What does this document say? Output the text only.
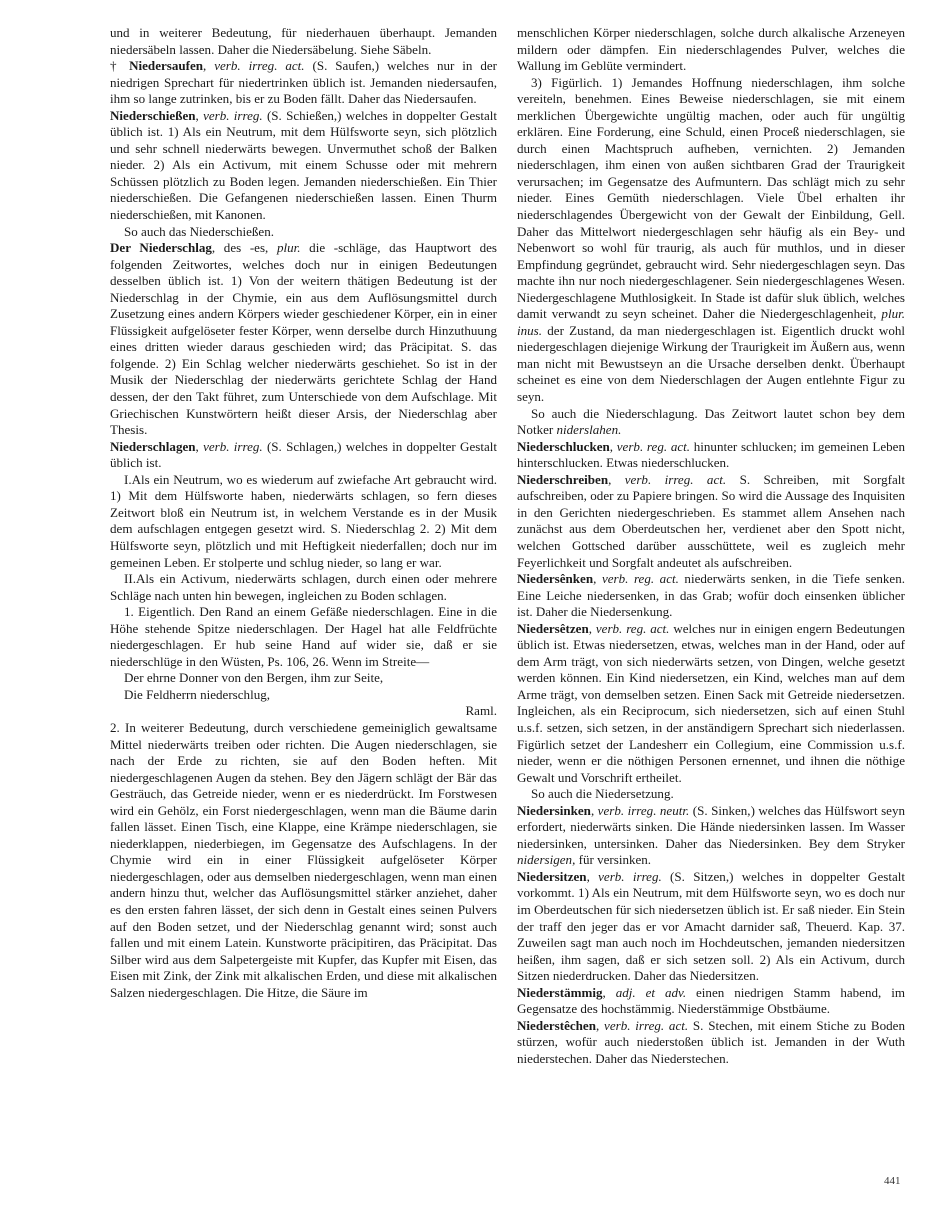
und in weiterer Bedeutung, für niederhauen überhaupt. Jemanden niedersäbeln lassen. Daher die Niedersäbelung. Siehe Säbeln.

† Niedersaufen, verb. irreg. act. (S. Saufen,) welches nur in der niedrigen Sprechart für niedertrinken üblich ist. Jemanden niedersaufen, ihm so lange zutrinken, bis er zu Boden fällt. Daher das Niedersaufen.

Niederschießen, verb. irreg. (S. Schießen,) welches in doppelter Gestalt üblich ist. 1) Als ein Neutrum, mit dem Hülfsworte seyn, sich plötzlich und sehr schnell niederwärts bewegen. Unvermuthet schoß der Balken nieder. 2) Als ein Activum, mit einem Schusse oder mit mehrern Schüssen plötzlich zu Boden legen. Jemanden niederschießen. Ein Thier niederschießen. Die Gefangenen niederschießen lassen. Einen Thurm niederschießen, mit Kanonen.

So auch das Niederschießen.

Der Niederschlag, des -es, plur. die -schläge, das Hauptwort des folgenden Zeitwortes, welches doch nur in einigen Bedeutungen desselben üblich ist. 1) Von der weitern thätigen Bedeutung ist der Niederschlag in der Chymie, ein aus dem Auflösungsmittel durch Zusetzung eines andern Körpers wieder geschiedener Körper, ein in einer Flüssigkeit aufgelöseter fester Körper, wenn derselbe durch Hinzuthuung eines dritten wieder daraus geschieden wird; das Präcipitat. S. das folgende. 2) Ein Schlag welcher niederwärts geschiehet. So ist in der Musik der Niederschlag der niederwärts gerichtete Schlag der Hand dessen, der den Takt führet, zum Unterschiede von dem Aufschlage. Mit Griechischen Kunstwörtern heißt dieser Arsis, der Niederschlag aber Thesis.

Niederschlagen, verb. irreg. (S. Schlagen,) welches in doppelter Gestalt üblich ist.

I.Als ein Neutrum, wo es wiederum auf zwiefache Art gebraucht wird. 1) Mit dem Hülfsworte haben, niederwärts schlagen, so fern dieses Zeitwort bloß ein Neutrum ist, in welchem Verstande es in der Musik dem aufschlagen entgegen gesetzt wird. S. Niederschlag 2. 2) Mit dem Hülfsworte seyn, plötzlich und mit Heftigkeit niederfallen; doch nur im gemeinen Leben. Er stolperte und schlug nieder, so lang er war.

II.Als ein Activum, niederwärts schlagen, durch einen oder mehrere Schläge nach unten hin bewegen, ingleichen zu Boden schlagen.

1. Eigentlich. Den Rand an einem Gefäße niederschlagen. Eine in die Höhe stehende Spitze niederschlagen. Der Hagel hat alle Feldfrüchte niedergeschlagen. Er hub seine Hand auf wider sie, daß er sie niederschlüge in den Wüsten, Ps. 106, 26. Wenn im Streite—

Der ehrne Donner von den Bergen, ihm zur Seite,

Die Feldherrn niederschlug,

Raml.

2. In weiterer Bedeutung, durch verschiedene gemeiniglich gewaltsame Mittel niederwärts treiben oder richten. Die Augen niederschlagen, sie nach der Erde zu richten, sie auf den Boden heften. Mit niedergeschlagenen Augen da stehen. Bey den Jägern schlägt der Bär das Gesträuch, das Getreide nieder, wenn er es niederdrückt. Im Forstwesen wird ein Gehölz, ein Forst niedergeschlagen, wenn man die Bäume darin fallen lässet. Einen Tisch, eine Klappe, eine Krämpe niederschlagen, sie niederklappen, niederbiegen, im Gegensatze des Aufschlagens. In der Chymie wird ein in einer Flüssigkeit aufgelöseter Körper niedergeschlagen, oder aus demselben niedergeschlagen, wenn man einen andern hinzu thut, welcher das Auflösungsmittel stärker anziehet, daher es den ersten fahren lässet, der sich denn in Gestalt eines seinen Pulvers auf den Boden setzet, und der Niederschlag genannt wird; sonst auch fallen und mit einem Latein. Kunstworte präcipitiren, das Präcipitat. Das Silber wird aus dem Salpetergeiste mit Kupfer, das Kupfer mit Eisen, das Eisen mit Zink, der Zink mit alkalischen Erden, und diese mit alkalischen Salzen niedergeschlagen. Die Hitze, die Säure im

menschlichen Körper niederschlagen, solche durch alkalische Arzeneyen mildern oder dämpfen. Ein niederschlagendes Pulver, welches die Wallung im Geblüte vermindert.

3) Figürlich. 1) Jemandes Hoffnung niederschlagen, ihm solche vereiteln, benehmen. Eines Beweise niederschlagen, sie mit einem merklichen Übergewichte ungültig machen, oder auch für ungültig erklären. Eine Forderung, eine Schuld, einen Proceß niederschlagen, sie durch einen Machtspruch aufheben, vernichten. 2) Jemanden niederschlagen, ihm einen von außen sichtbaren Grad der Traurigkeit verursachen; im Gegensatze des Aufmuntern. Das schlägt mich zu sehr nieder. Eines Gemüth niederschlagen. Viele Übel erhalten ihr niederschlagendes Übergewicht von der Gewalt der Einbildung, Gell. Daher das Mittelwort niedergeschlagen sehr häufig als ein Bey- und Nebenwort so wohl für traurig, als auch für muthlos, und in dieser Empfindung gegründet, gebraucht wird. Sehr niedergeschlagen seyn. Das machte ihn nur noch niedergeschlagener. Sein niedergeschlagenes Wesen. Niedergeschlagene Muthlosigkeit. In Stade ist dafür sluk üblich, welches damit verwandt zu seyn scheinet. Daher die Niedergeschlagenheit, plur. inus. der Zustand, da man niedergeschlagen ist. Eigentlich druckt wohl niedergeschlagen diejenige Wirkung der Traurigkeit im Äußern aus, wenn man nicht mit Bewustseyn an die Ursache derselben denkt. Überhaupt scheinet es eine von dem Niederschlagen der Augen entlehnte Figur zu seyn.

So auch die Niederschlagung. Das Zeitwort lautet schon bey dem Notker niderslahen.

Niederschlucken, verb. reg. act. hinunter schlucken; im gemeinen Leben hinterschlucken. Etwas niederschlucken.

Niederschreiben, verb. irreg. act. S. Schreiben, mit Sorgfalt aufschreiben, oder zu Papiere bringen. So wird die Aussage des Inquisiten in den Gerichten niedergeschrieben. Es stammet allem Ansehen nach zunächst aus dem Oberdeutschen her, verdienet aber den Spott nicht, welchen Gottsched darüber ausschüttete, weil es zugleich mehr Feyerlichkeit und Sorgfalt andeutet als aufschreiben.

Niedersênken, verb. reg. act. niederwärts senken, in die Tiefe senken. Eine Leiche niedersenken, in das Grab; wofür doch einsenken üblicher ist. Daher die Niedersenkung.

Niedersêtzen, verb. reg. act. welches nur in einigen engern Bedeutungen üblich ist. Etwas niedersetzen, etwas, welches man in der Hand, oder auf dem Arm trägt, von sich niederwärts setzen, von Dingen, welche gesetzt werden können. Ein Kind niedersetzen, ein Kind, welches man auf dem Arme trägt, von demselben setzen. Einen Sack mit Getreide niedersetzen. Ingleichen, als ein Reciprocum, sich niedersetzen, sich auf einen Stuhl u.s.f. setzen, sich setzen, in der anständigern Sprechart sich niederlassen. Figürlich setzet der Landesherr ein Collegium, eine Commission u.s.f. nieder, wenn er die nöthigen Personen ernennet, und ihnen die nöthige Gewalt und Vorschrift ertheilet.

So auch die Niedersetzung.

Niedersinken, verb. irreg. neutr. (S. Sinken,) welches das Hülfswort seyn erfordert, niederwärts sinken. Die Hände niedersinken lassen. Im Wasser niedersinken, untersinken. Daher das Niedersinken. Bey dem Stryker nidersigen, für versinken.

Niedersitzen, verb. irreg. (S. Sitzen,) welches in doppelter Gestalt vorkommt. 1) Als ein Neutrum, mit dem Hülfsworte seyn, wo es doch nur im Oberdeutschen für sich niedersetzen üblich ist. Er saß nieder. Ein Stein der traff den jeger das er vor Amacht darnider saß, Theuerd. Kap. 37. Zuweilen sagt man auch noch im Hochdeutschen, jemanden niedersitzen heißen, ihm sagen, daß er sich setzen soll. 2) Als ein Activum, durch Sitzen niederdrucken. Daher das Niedersitzen.

Niederstämmig, adj. et adv. einen niedrigen Stamm habend, im Gegensatze des hochstämmig. Niederstämmige Obstbäume.

Niederstêchen, verb. irreg. act. S. Stechen, mit einem Stiche zu Boden stürzen, wofür auch niederstoßen üblich ist. Jemanden in der Wuth niederstechen. Daher das Niederstechen.

441
